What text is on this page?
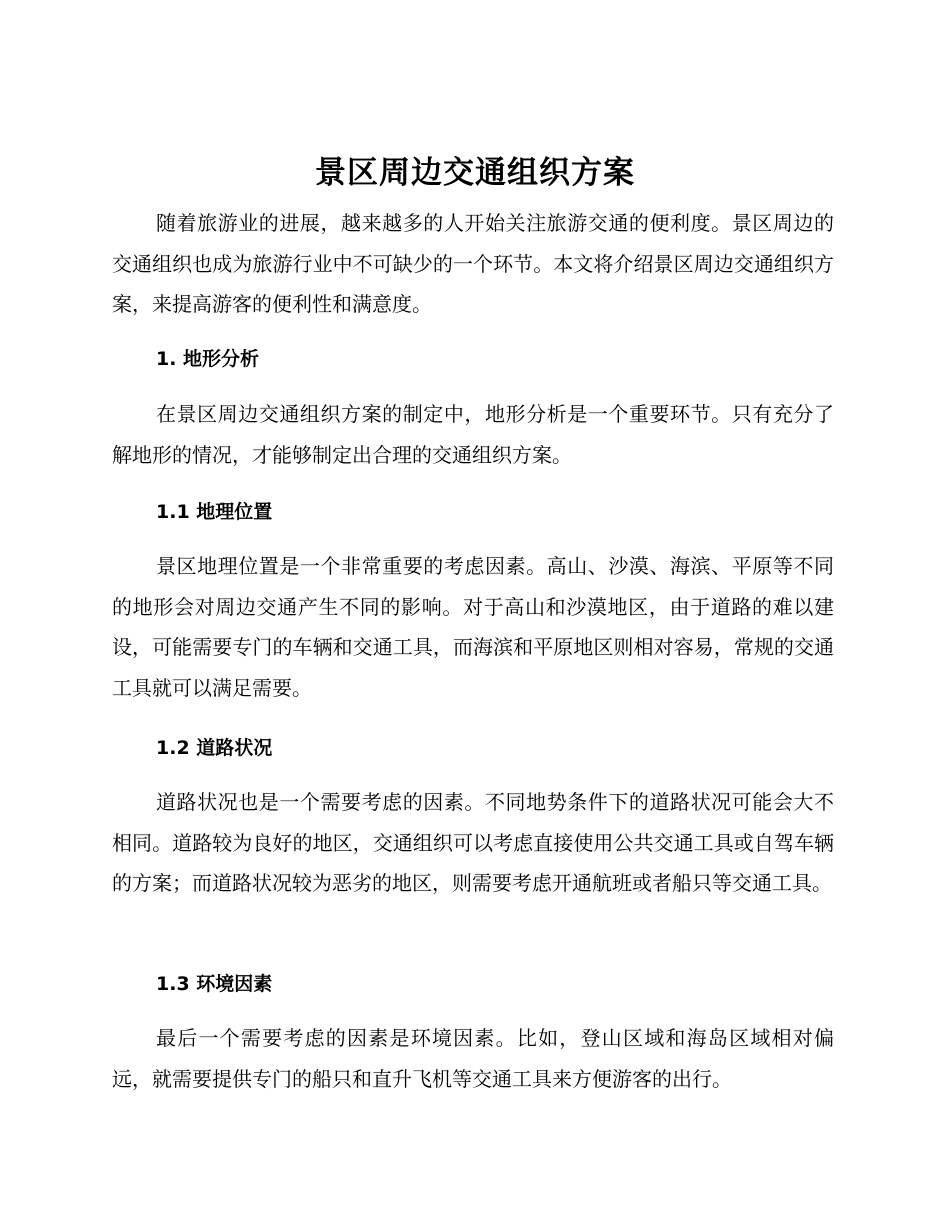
景区周边交通组织方案

随着旅游业的进展，越来越多的人开始关注旅游交通的便利度。景区周边的交通组织也成为旅游行业中不可缺少的一个环节。本文将介绍景区周边交通组织方案，来提高游客的便利性和满意度。

1. 地形分析

在景区周边交通组织方案的制定中，地形分析是一个重要环节。只有充分了解地形的情况，才能够制定出合理的交通组织方案。

1.1 地理位置

景区地理位置是一个非常重要的考虑因素。高山、沙漠、海滨、平原等不同的地形会对周边交通产生不同的影响。对于高山和沙漠地区，由于道路的难以建设，可能需要专门的车辆和交通工具，而海滨和平原地区则相对容易，常规的交通工具就可以满足需要。

1.2 道路状况

道路状况也是一个需要考虑的因素。不同地势条件下的道路状况可能会大不相同。道路较为良好的地区，交通组织可以考虑直接使用公共交通工具或自驾车辆的方案；而道路状况较为恶劣的地区，则需要考虑开通航班或者船只等交通工具。

1.3 环境因素

最后一个需要考虑的因素是环境因素。比如，登山区域和海岛区域相对偏远，就需要提供专门的船只和直升飞机等交通工具来方便游客的出行。
